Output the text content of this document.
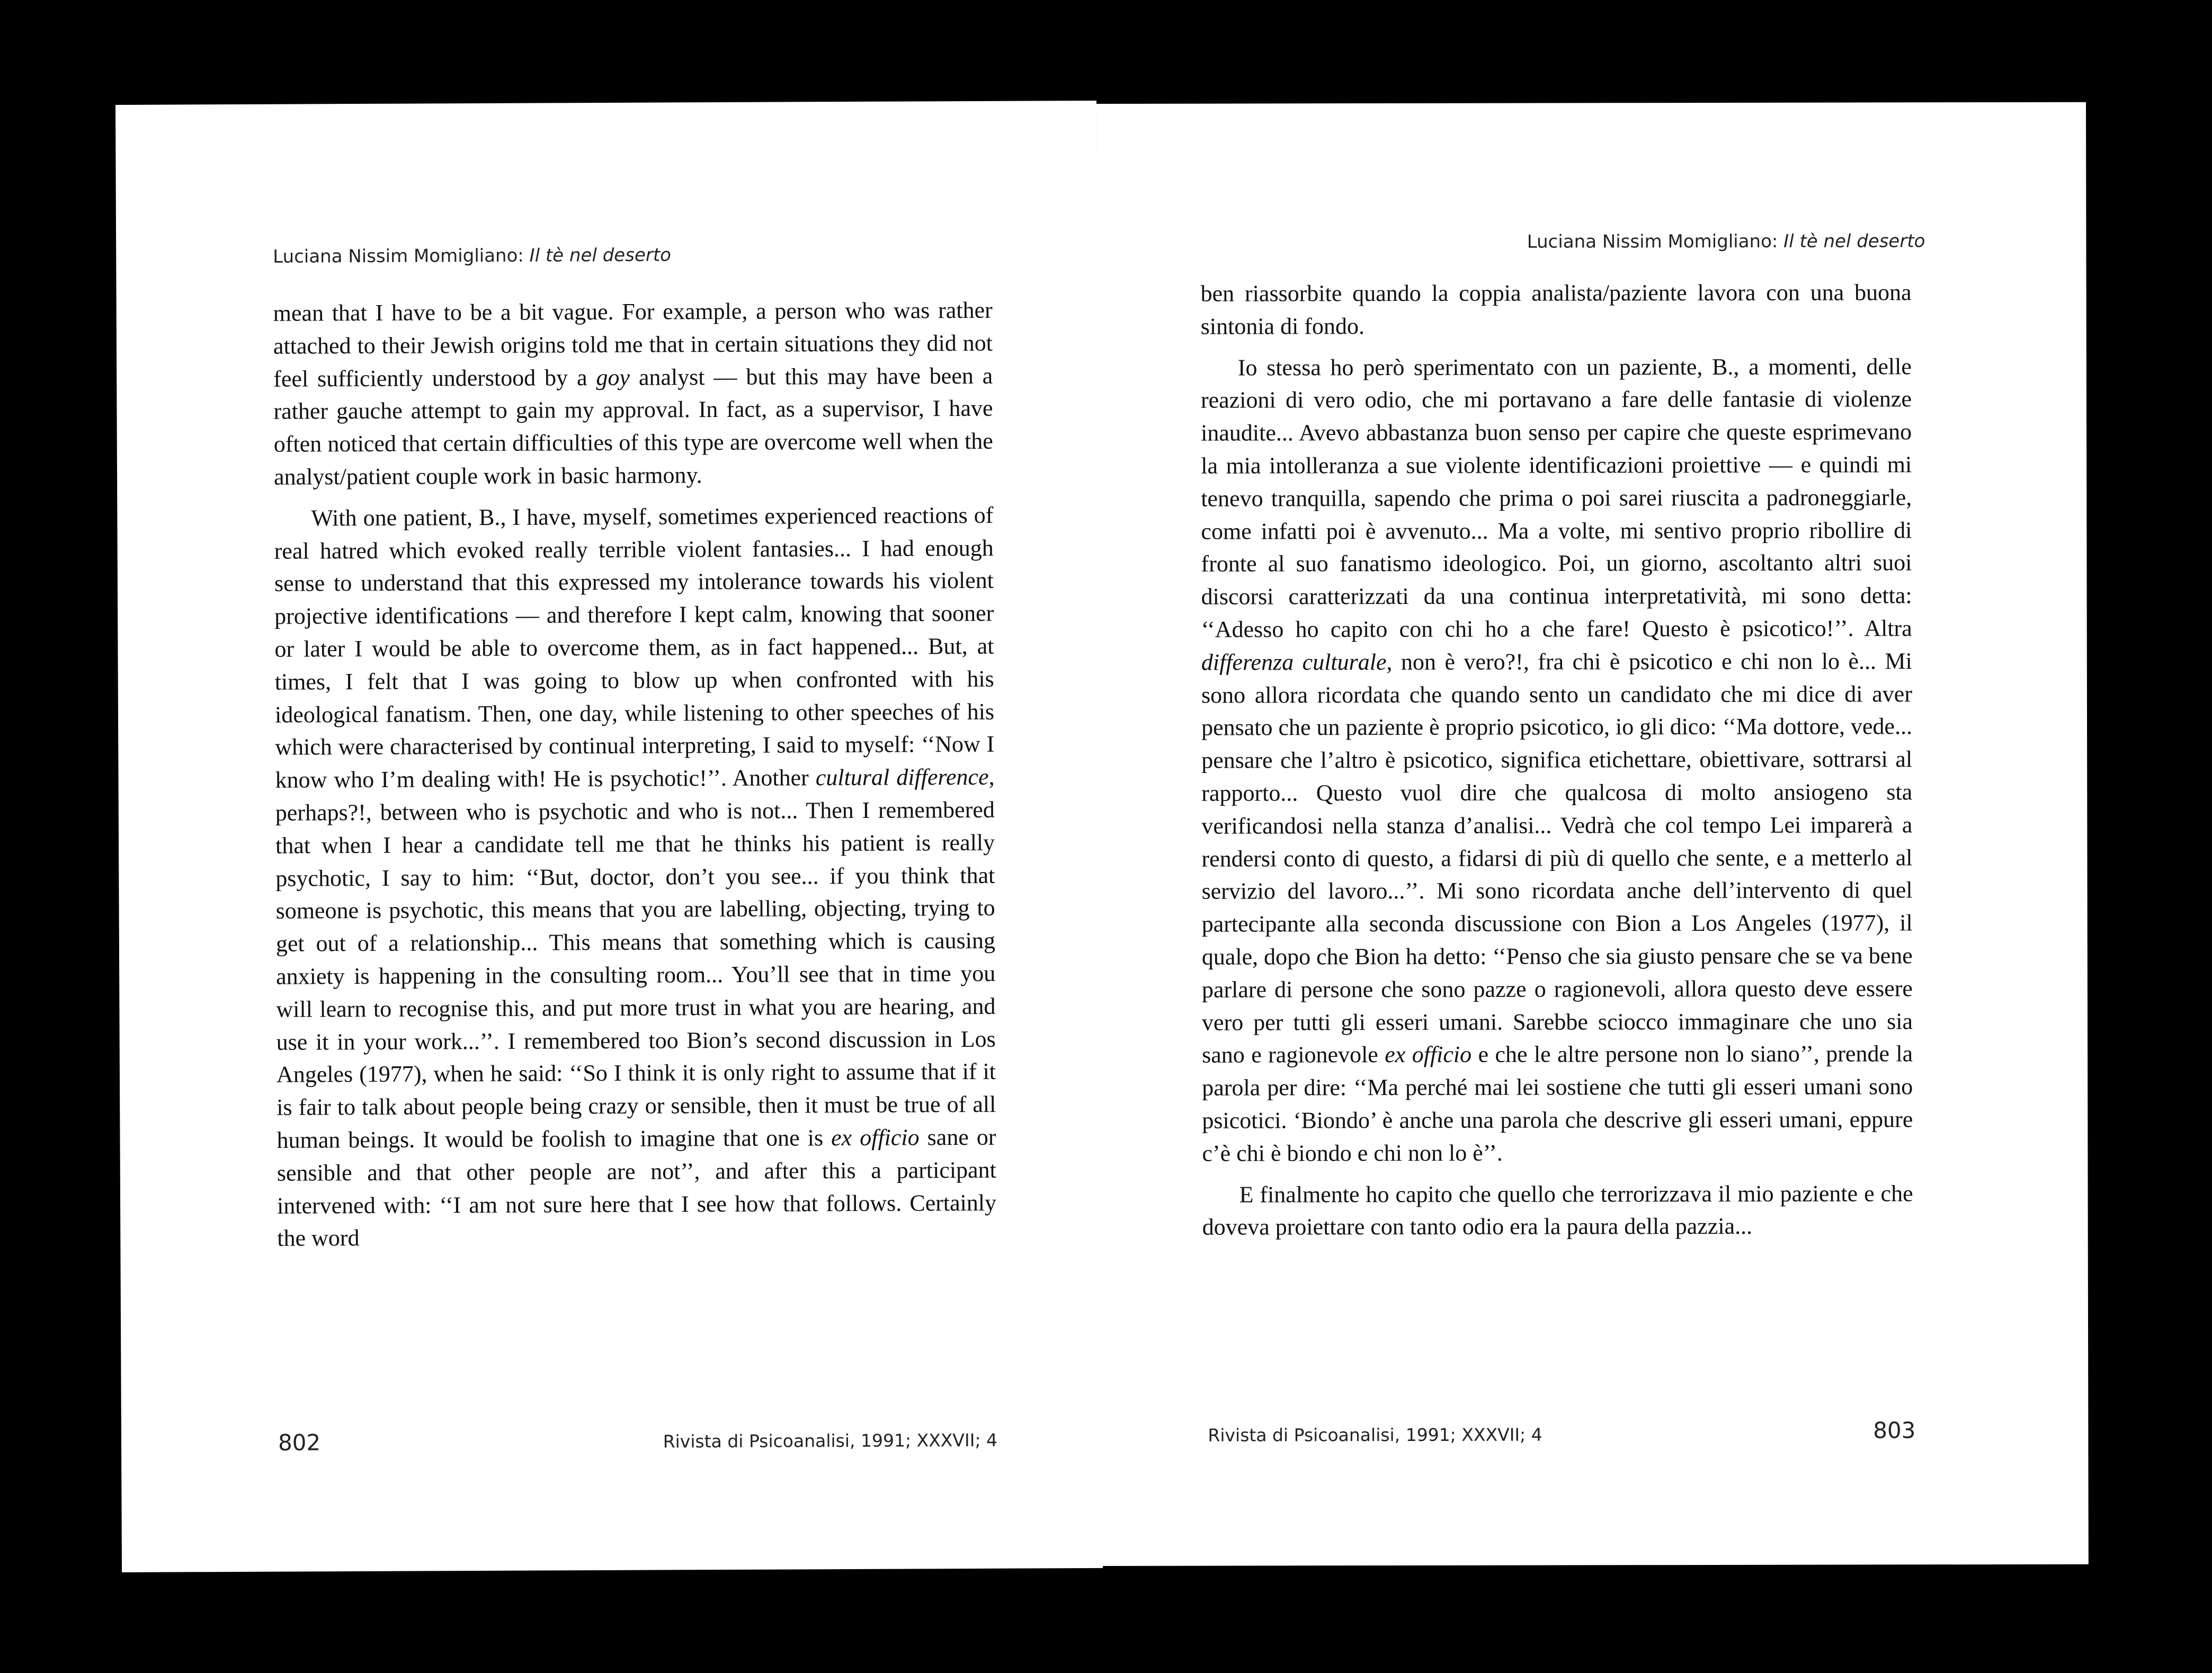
Luciana Nissim Momigliano: Il tè nel deserto

mean that I have to be a bit vague. For example, a person who was rather attached to their Jewish origins told me that in certain situations they did not feel sufficiently understood by a goy analyst — but this may have been a rather gauche attempt to gain my approval. In fact, as a supervisor, I have often noticed that certain difficulties of this type are overcome well when the analyst/patient couple work in basic harmony.

With one patient, B., I have, myself, sometimes experienced reactions of real hatred which evoked really terrible violent fantasies... I had enough sense to understand that this expressed my intolerance towards his violent projective identifications — and therefore I kept calm, knowing that sooner or later I would be able to overcome them, as in fact happened... But, at times, I felt that I was going to blow up when confronted with his ideological fanatism. Then, one day, while listening to other speeches of his which were characterised by continual interpreting, I said to myself: ‘‘Now I know who I’m dealing with! He is psychotic!’’. Another cultural difference, perhaps?!, between who is psychotic and who is not... Then I remembered that when I hear a candidate tell me that he thinks his patient is really psychotic, I say to him: ‘‘But, doctor, don’t you see... if you think that someone is psychotic, this means that you are labelling, objecting, trying to get out of a relationship... This means that something which is causing anxiety is happening in the consulting room... You’ll see that in time you will learn to recognise this, and put more trust in what you are hearing, and use it in your work...’’. I remembered too Bion’s second discussion in Los Angeles (1977), when he said: ‘‘So I think it is only right to assume that if it is fair to talk about people being crazy or sensible, then it must be true of all human beings. It would be foolish to imagine that one is ex officio sane or sensible and that other people are not’’, and after this a participant intervened with: ‘‘I am not sure here that I see how that follows. Certainly the word

802	Rivista di Psicoanalisi, 1991; XXXVII; 4
Luciana Nissim Momigliano: Il tè nel deserto

ben riassorbite quando la coppia analista/paziente lavora con una buona sintonia di fondo.

Io stessa ho però sperimentato con un paziente, B., a momenti, delle reazioni di vero odio, che mi portavano a fare delle fantasie di violenze inaudite... Avevo abbastanza buon senso per capire che queste esprimevano la mia intolleranza a sue violente identificazioni proiettive — e quindi mi tenevo tranquilla, sapendo che prima o poi sarei riuscita a padroneggiarle, come infatti poi è avvenuto... Ma a volte, mi sentivo proprio ribollire di fronte al suo fanatismo ideologico. Poi, un giorno, ascoltanto altri suoi discorsi caratterizzati da una continua interpretatività, mi sono detta: ‘‘Adesso ho capito con chi ho a che fare! Questo è psicotico!’’. Altra differenza culturale, non è vero?!, fra chi è psicotico e chi non lo è... Mi sono allora ricordata che quando sento un candidato che mi dice di aver pensato che un paziente è proprio psicotico, io gli dico: ‘‘Ma dottore, vede... pensare che l’altro è psicotico, significa etichettare, obiettivare, sottrarsi al rapporto... Questo vuol dire che qualcosa di molto ansiogeno sta verificandosi nella stanza d’analisi... Vedrà che col tempo Lei imparerà a rendersi conto di questo, a fidarsi di più di quello che sente, e a metterlo al servizio del lavoro...’’. Mi sono ricordata anche dell’intervento di quel partecipante alla seconda discussione con Bion a Los Angeles (1977), il quale, dopo che Bion ha detto: ‘‘Penso che sia giusto pensare che se va bene parlare di persone che sono pazze o ragionevoli, allora questo deve essere vero per tutti gli esseri umani. Sarebbe sciocco immaginare che uno sia sano e ragionevole ex officio e che le altre persone non lo siano’’, prende la parola per dire: ‘‘Ma perché mai lei sostiene che tutti gli esseri umani sono psicotici. ‘Biondo’ è anche una parola che descrive gli esseri umani, eppure c’è chi è biondo e chi non lo è’’.

E finalmente ho capito che quello che terrorizzava il mio paziente e che doveva proiettare con tanto odio era la paura della pazzia...

Rivista di Psicoanalisi, 1991; XXXVII; 4	803
